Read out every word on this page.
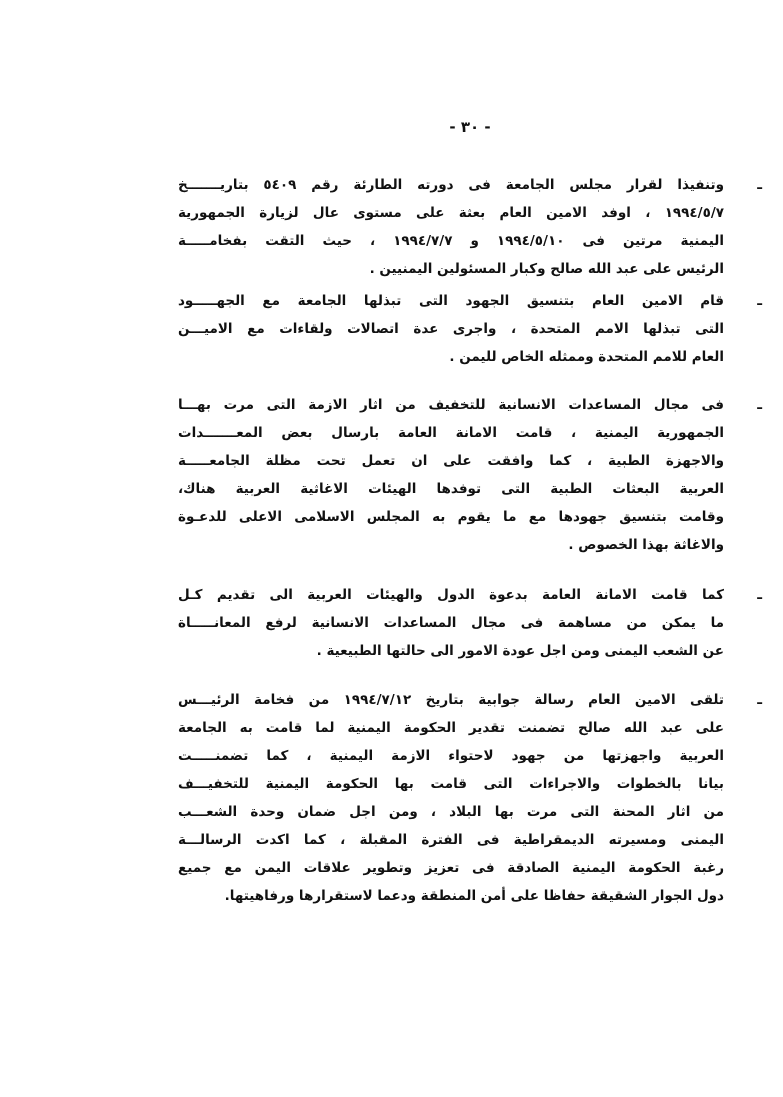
- ٣٠ -
ـ
وتنفيذا لقرار مجلس الجامعة فى دورته الطارئة رقم ٥٤٠٩ بتاريـــــــخ
١٩٩٤/٥/٧ ، اوفد الامين العام بعثة على مستوى عال لزيارة الجمهورية
اليمنية مرتين فى ١٩٩٤/٥/١٠ و ١٩٩٤/٧/٧ ، حيث التقت بفخامـــــة
الرئيس على عبد الله صالح وكبار المسئولين اليمنيين .
ـ
قام الامين العام بتنسيق الجهود التى تبذلها الجامعة مع الجهـــــود
التى تبذلها الامم المتحدة ، واجرى عدة اتصالات ولقاءات مع الاميـــن
العام للامم المتحدة وممثله الخاص لليمن .
ـ
فى مجال المساعدات الانسانية للتخفيف من اثار الازمة التى مرت بهـــا
الجمهورية اليمنية ، قامت الامانة العامة بارسال بعض المعـــــــدات
والاجهزة الطبية ، كما وافقت على ان تعمل تحت مظلة الجامعـــــة
العربية البعثات الطبية التى توفدها الهيئات الاغاثية العربية هناك،
وقامت بتنسيق جهودها مع ما يقوم به المجلس الاسلامى الاعلى للدعـوة
والاغاثة بهذا الخصوص .
ـ
كما قامت الامانة العامة بدعوة الدول والهيئات العربية الى تقديم كـل
ما يمكن من مساهمة فى مجال المساعدات الانسانية لرفع المعانـــــاة
عن الشعب اليمنى ومن اجل عودة الامور الى حالتها الطبيعية .
ـ
تلقى الامين العام رسالة جوابية بتاريخ ١٩٩٤/٧/١٢ من فخامة الرئيـــس
على عبد الله صالح تضمنت تقدير الحكومة اليمنية لما قامت به الجامعة
العربية واجهزتها من جهود لاحتواء الازمة اليمنية ، كما تضمنـــــت
بيانا بالخطوات والاجراءات التى قامت بها الحكومة اليمنية للتخفيـــف
من اثار المحنة التى مرت بها البلاد ، ومن اجل ضمان وحدة الشعـــب
اليمنى ومسيرته الديمقراطية فى الفترة المقبلة ، كما اكدت الرسالـــة
رغبة الحكومة اليمنية الصادقة فى تعزيز وتطوير علاقات اليمن مع جميع
دول الجوار الشقيقة حفاظا على أمن المنطقة ودعما لاستقرارها ورفاهيتها.
